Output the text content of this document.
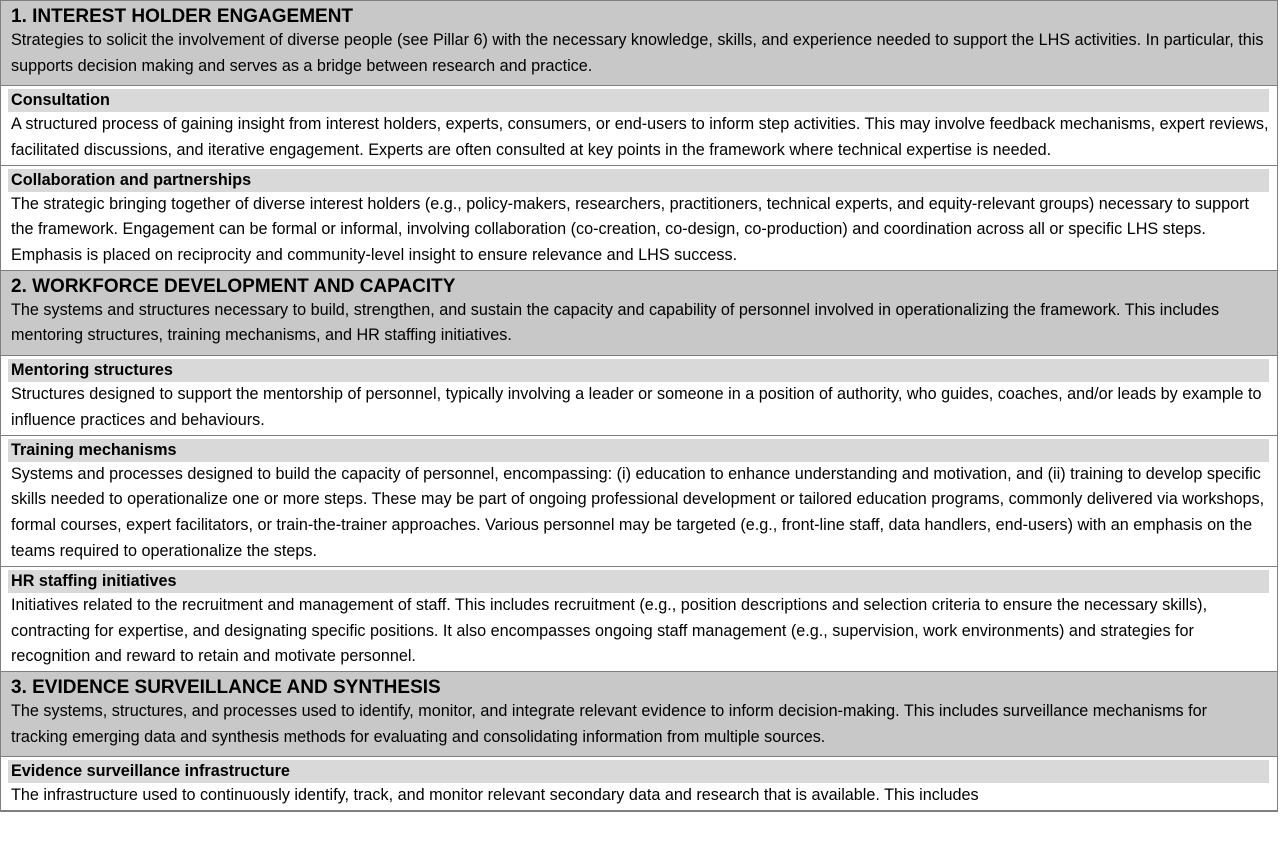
1. INTEREST HOLDER ENGAGEMENT

Strategies to solicit the involvement of diverse people (see Pillar 6) with the necessary knowledge, skills, and experience needed to support the LHS activities. In particular, this supports decision making and serves as a bridge between research and practice.

Consultation

A structured process of gaining insight from interest holders, experts, consumers, or end-users to inform step activities. This may involve feedback mechanisms, expert reviews, facilitated discussions, and iterative engagement. Experts are often consulted at key points in the framework where technical expertise is needed.

Collaboration and partnerships

The strategic bringing together of diverse interest holders (e.g., policy-makers, researchers, practitioners, technical experts, and equity-relevant groups) necessary to support the framework. Engagement can be formal or informal, involving collaboration (co-creation, co-design, co-production) and coordination across all or specific LHS steps. Emphasis is placed on reciprocity and community-level insight to ensure relevance and LHS success.

2. WORKFORCE DEVELOPMENT AND CAPACITY

The systems and structures necessary to build, strengthen, and sustain the capacity and capability of personnel involved in operationalizing the framework. This includes mentoring structures, training mechanisms, and HR staffing initiatives.

Mentoring structures

Structures designed to support the mentorship of personnel, typically involving a leader or someone in a position of authority, who guides, coaches, and/or leads by example to influence practices and behaviours.

Training mechanisms

Systems and processes designed to build the capacity of personnel, encompassing: (i) education to enhance understanding and motivation, and (ii) training to develop specific skills needed to operationalize one or more steps. These may be part of ongoing professional development or tailored education programs, commonly delivered via workshops, formal courses, expert facilitators, or train-the-trainer approaches. Various personnel may be targeted (e.g., front-line staff, data handlers, end-users) with an emphasis on the teams required to operationalize the steps.

HR staffing initiatives

Initiatives related to the recruitment and management of staff. This includes recruitment (e.g., position descriptions and selection criteria to ensure the necessary skills), contracting for expertise, and designating specific positions. It also encompasses ongoing staff management (e.g., supervision, work environments) and strategies for recognition and reward to retain and motivate personnel.

3. EVIDENCE SURVEILLANCE AND SYNTHESIS

The systems, structures, and processes used to identify, monitor, and integrate relevant evidence to inform decision-making. This includes surveillance mechanisms for tracking emerging data and synthesis methods for evaluating and consolidating information from multiple sources.

Evidence surveillance infrastructure

The infrastructure used to continuously identify, track, and monitor relevant secondary data and research that is available. This includes
